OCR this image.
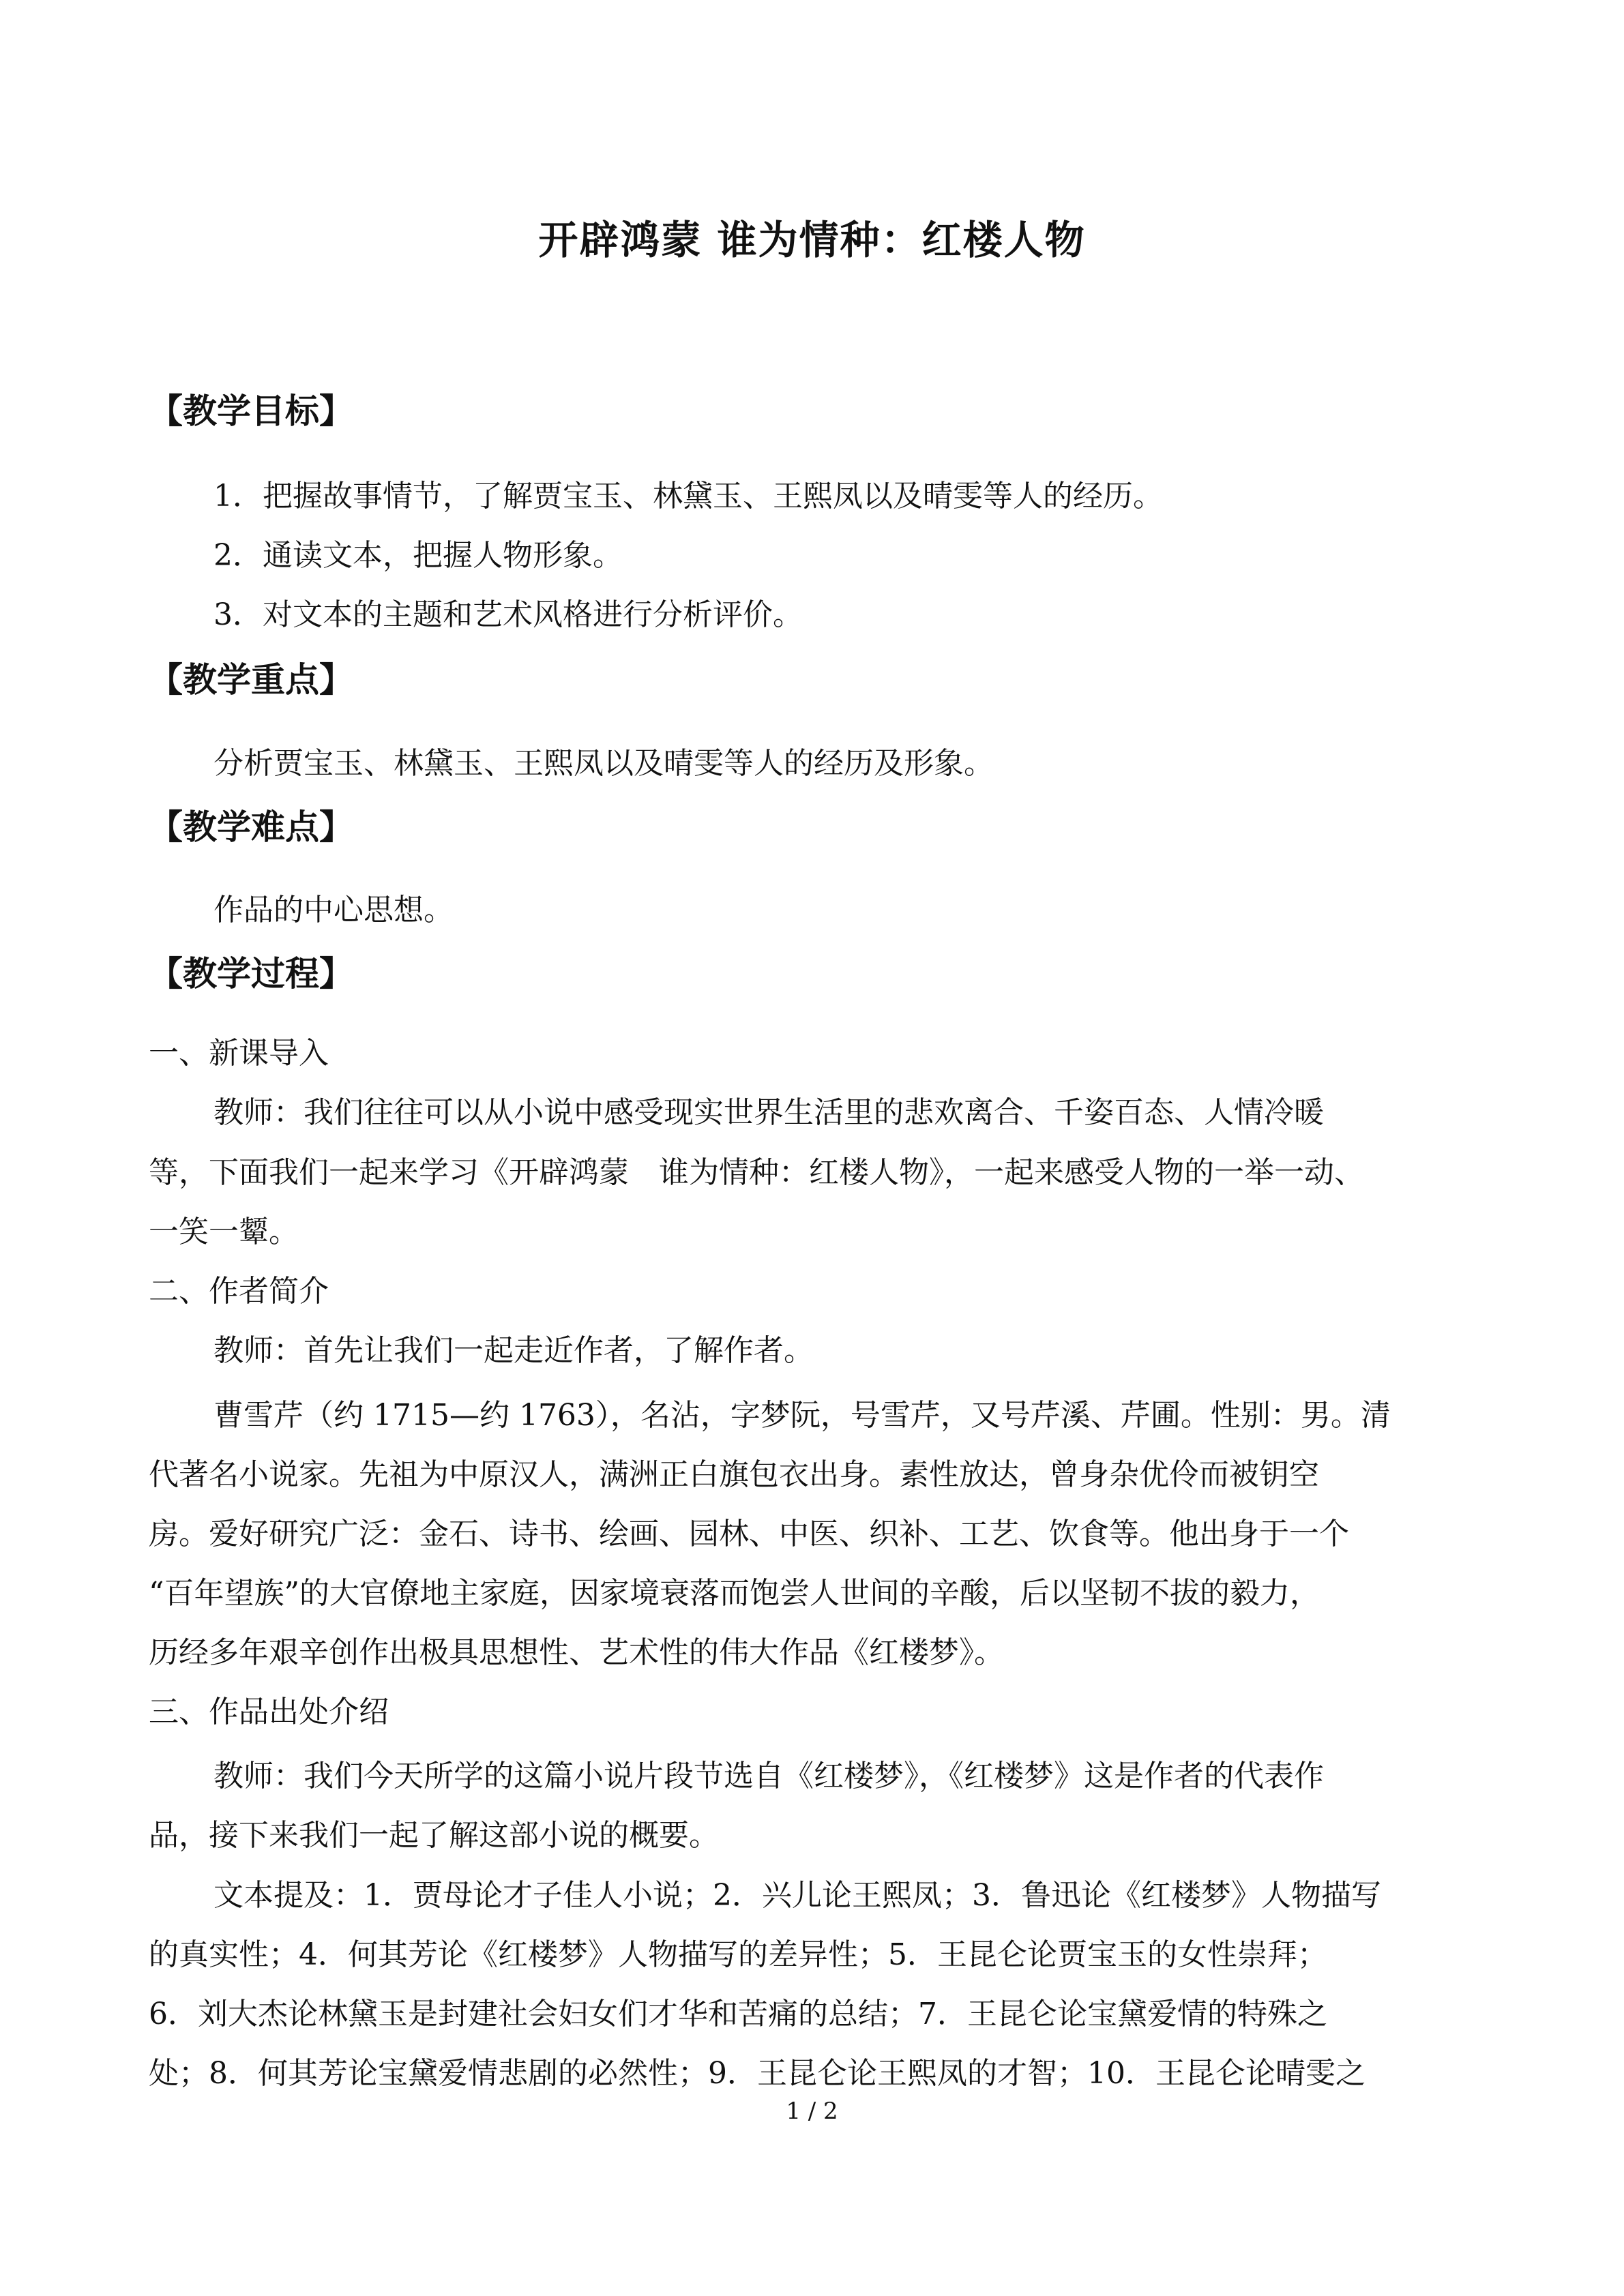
开辟鸿蒙 谁为情种：红楼人物
【教学目标】
1．把握故事情节，了解贾宝玉、林黛玉、王熙凤以及晴雯等人的经历。
2．通读文本，把握人物形象。
3．对文本的主题和艺术风格进行分析评价。
【教学重点】
分析贾宝玉、林黛玉、王熙凤以及晴雯等人的经历及形象。
【教学难点】
作品的中心思想。
【教学过程】
一、新课导入
教师：我们往往可以从小说中感受现实世界生活里的悲欢离合、千姿百态、人情冷暖
等，下面我们一起来学习《开辟鸿蒙　谁为情种：红楼人物》，一起来感受人物的一举一动、
一笑一颦。
二、作者简介
教师：首先让我们一起走近作者，了解作者。
曹雪芹（约 1715—约 1763），名沾，字梦阮，号雪芹，又号芹溪、芹圃。性别：男。清
代著名小说家。先祖为中原汉人，满洲正白旗包衣出身。素性放达，曾身杂优伶而被钥空
房。爱好研究广泛：金石、诗书、绘画、园林、中医、织补、工艺、饮食等。他出身于一个
“百年望族”的大官僚地主家庭，因家境衰落而饱尝人世间的辛酸，后以坚韧不拔的毅力，
历经多年艰辛创作出极具思想性、艺术性的伟大作品《红楼梦》。
三、作品出处介绍
教师：我们今天所学的这篇小说片段节选自《红楼梦》，《红楼梦》这是作者的代表作
品，接下来我们一起了解这部小说的概要。
文本提及：1．贾母论才子佳人小说；2．兴儿论王熙凤；3．鲁迅论《红楼梦》人物描写
的真实性；4．何其芳论《红楼梦》人物描写的差异性；5．王昆仑论贾宝玉的女性崇拜；
6．刘大杰论林黛玉是封建社会妇女们才华和苦痛的总结；7．王昆仑论宝黛爱情的特殊之
处；8．何其芳论宝黛爱情悲剧的必然性；9．王昆仑论王熙凤的才智；10．王昆仑论晴雯之
1 / 2
